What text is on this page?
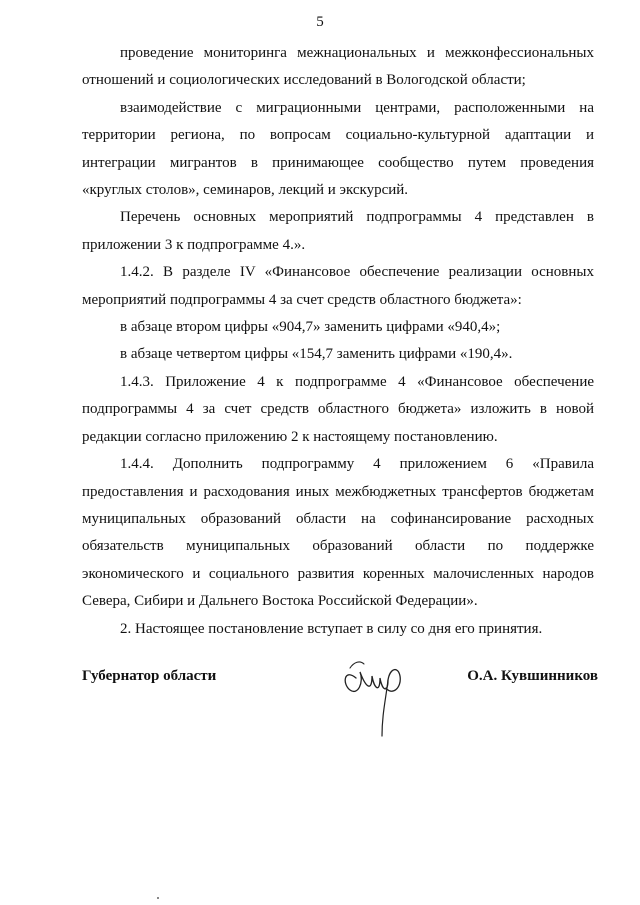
5

проведение мониторинга межнациональных и межконфессиональных отношений и социологических исследований в Вологодской области;

взаимодействие с миграционными центрами, расположенными на территории региона, по вопросам социально-культурной адаптации и интеграции мигрантов в принимающее сообщество путем проведения «круглых столов», семинаров, лекций и экскурсий.

Перечень основных мероприятий подпрограммы 4 представлен в приложении 3 к подпрограмме 4.».

1.4.2. В разделе IV «Финансовое обеспечение реализации основных мероприятий подпрограммы 4 за счет средств областного бюджета»:

в абзаце втором цифры «904,7» заменить цифрами «940,4»;

в абзаце четвертом цифры «154,7 заменить цифрами «190,4».

1.4.3. Приложение 4 к подпрограмме 4 «Финансовое обеспечение подпрограммы 4 за счет средств областного бюджета» изложить в новой редакции согласно приложению 2 к настоящему постановлению.

1.4.4. Дополнить подпрограмму 4 приложением 6 «Правила предоставления и расходования иных межбюджетных трансфертов бюджетам муниципальных образований области на софинансирование расходных обязательств муниципальных образований области по поддержке экономического и социального развития коренных малочисленных народов Севера, Сибири и Дальнего Востока Российской Федерации».

2. Настоящее постановление вступает в силу со дня его принятия.

Губернатор области	О.А. Кувшинников
